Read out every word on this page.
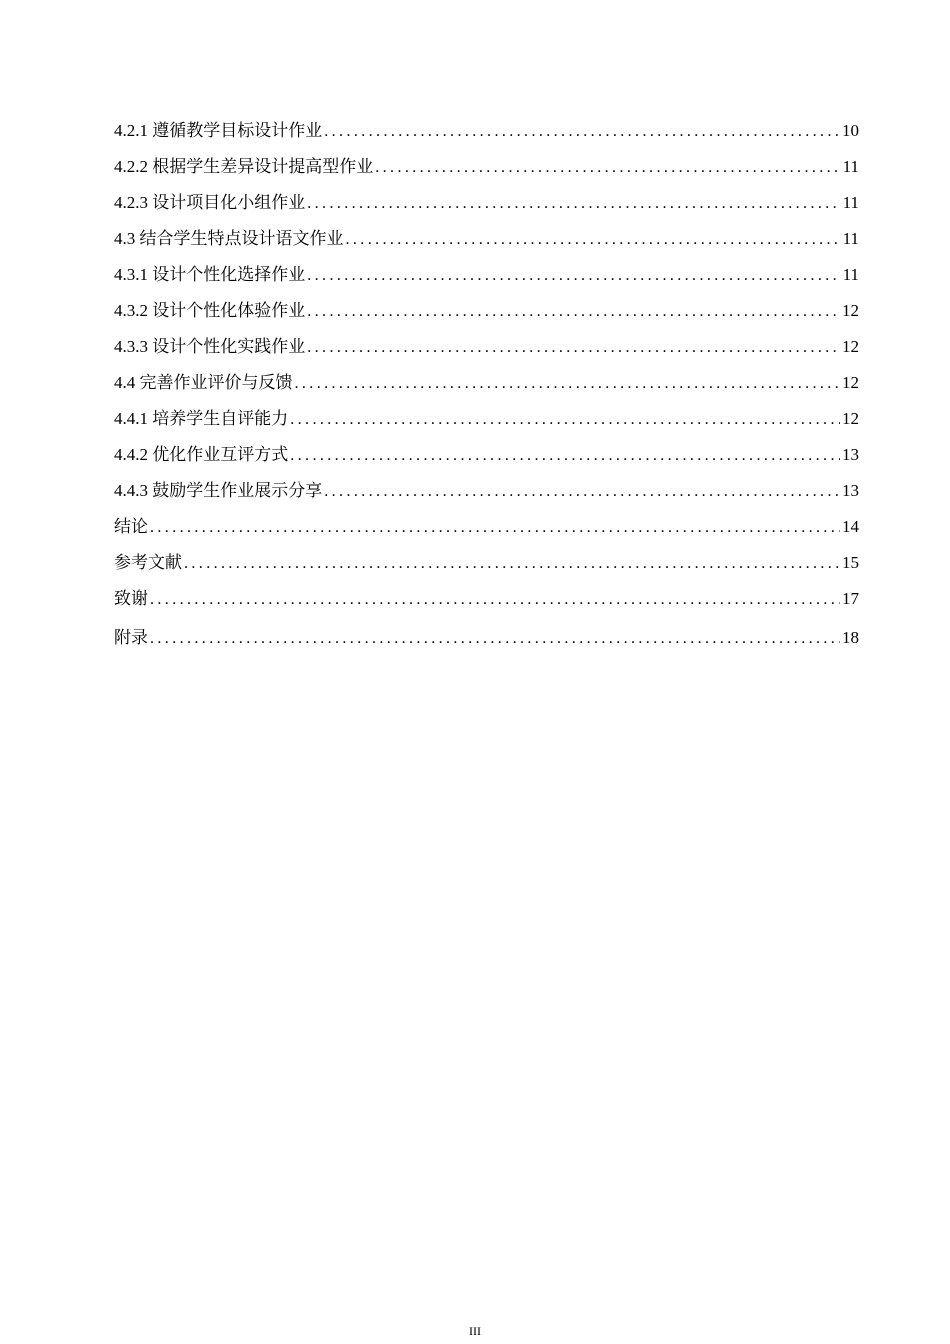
4.2.1 遵循教学目标设计作业 .....	10
4.2.2 根据学生差异设计提高型作业 .....	11
4.2.3 设计项目化小组作业 .....	11
4.3 结合学生特点设计语文作业 .....	11
4.3.1 设计个性化选择作业 .....	11
4.3.2 设计个性化体验作业 .....	12
4.3.3 设计个性化实践作业 .....	12
4.4 完善作业评价与反馈 .....	12
4.4.1 培养学生自评能力 .....	12
4.4.2 优化作业互评方式 .....	13
4.4.3 鼓励学生作业展示分享 .....	13
结论 .....	14
参考文献 .....	15
致谢 .....	17
附录 .....	18
III
